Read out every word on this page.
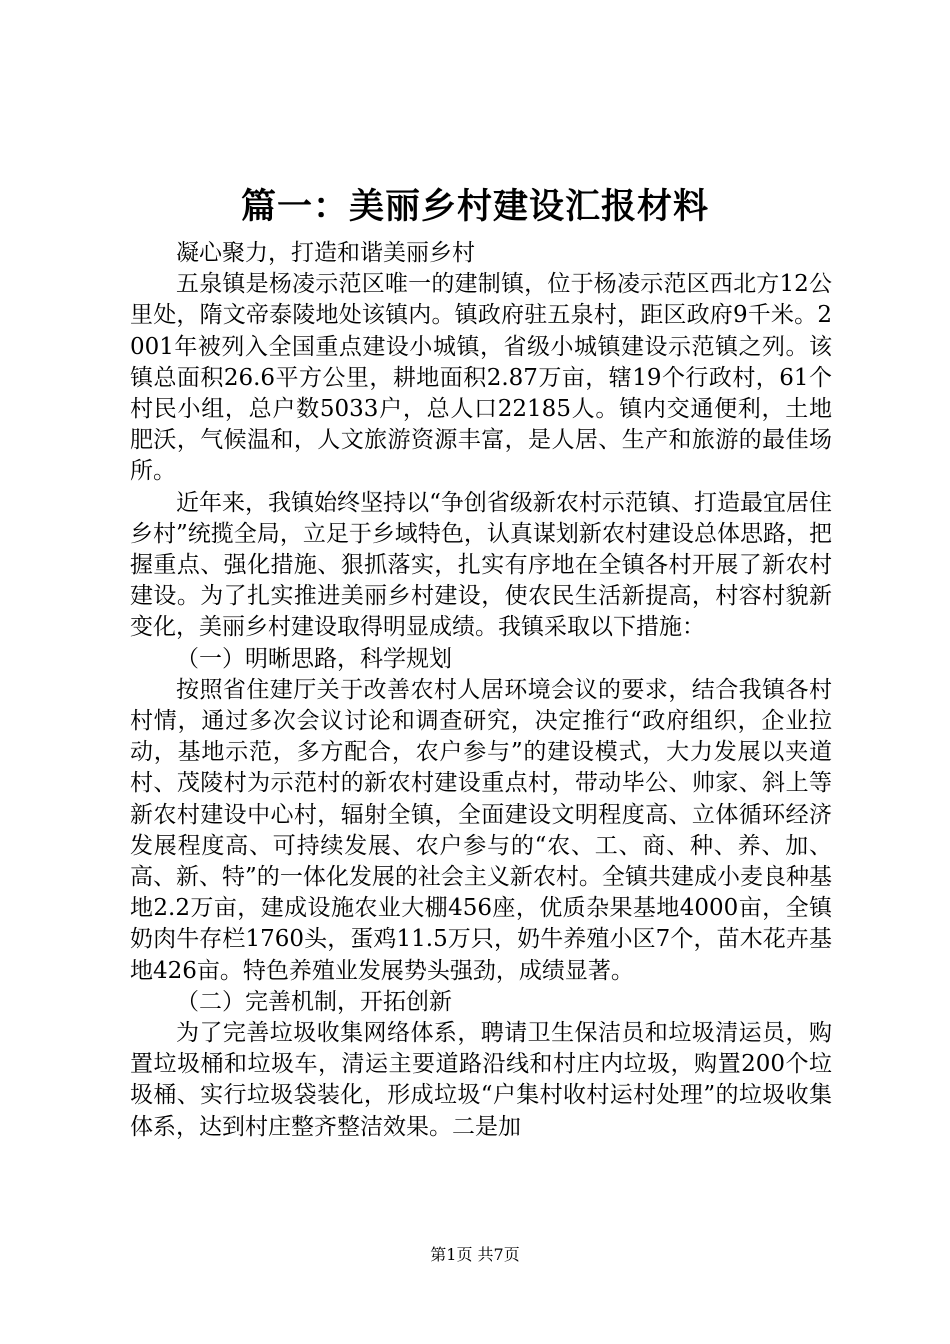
篇一：美丽乡村建设汇报材料

凝心聚力，打造和谐美丽乡村

五泉镇是杨凌示范区唯一的建制镇，位于杨凌示范区西北方12公里处，隋文帝泰陵地处该镇内。镇政府驻五泉村，距区政府9千米。2001年被列入全国重点建设小城镇，省级小城镇建设示范镇之列。该镇总面积26.6平方公里，耕地面积2.87万亩，辖19个行政村，61个村民小组，总户数5033户，总人口22185人。镇内交通便利，土地肥沃，气候温和，人文旅游资源丰富，是人居、生产和旅游的最佳场所。

近年来，我镇始终坚持以“争创省级新农村示范镇、打造最宜居住乡村”统揽全局，立足于乡域特色，认真谋划新农村建设总体思路，把握重点、强化措施、狠抓落实，扎实有序地在全镇各村开展了新农村建设。为了扎实推进美丽乡村建设，使农民生活新提高，村容村貌新变化，美丽乡村建设取得明显成绩。我镇采取以下措施：

（一）明晰思路，科学规划

按照省住建厅关于改善农村人居环境会议的要求，结合我镇各村村情，通过多次会议讨论和调查研究，决定推行“政府组织，企业拉动，基地示范，多方配合，农户参与”的建设模式，大力发展以夹道村、茂陵村为示范村的新农村建设重点村，带动毕公、帅家、斜上等新农村建设中心村，辐射全镇，全面建设文明程度高、立体循环经济发展程度高、可持续发展、农户参与的“农、工、商、种、养、加、高、新、特”的一体化发展的社会主义新农村。全镇共建成小麦良种基地2.2万亩，建成设施农业大棚456座，优质杂果基地4000亩，全镇奶肉牛存栏1760头，蛋鸡11.5万只，奶牛养殖小区7个，苗木花卉基地426亩。特色养殖业发展势头强劲，成绩显著。

（二）完善机制，开拓创新

为了完善垃圾收集网络体系，聘请卫生保洁员和垃圾清运员，购置垃圾桶和垃圾车，清运主要道路沿线和村庄内垃圾，购置200个垃圾桶、实行垃圾袋装化，形成垃圾“户集村收村运村处理”的垃圾收集体系，达到村庄整齐整洁效果。二是加

第1页 共7页
